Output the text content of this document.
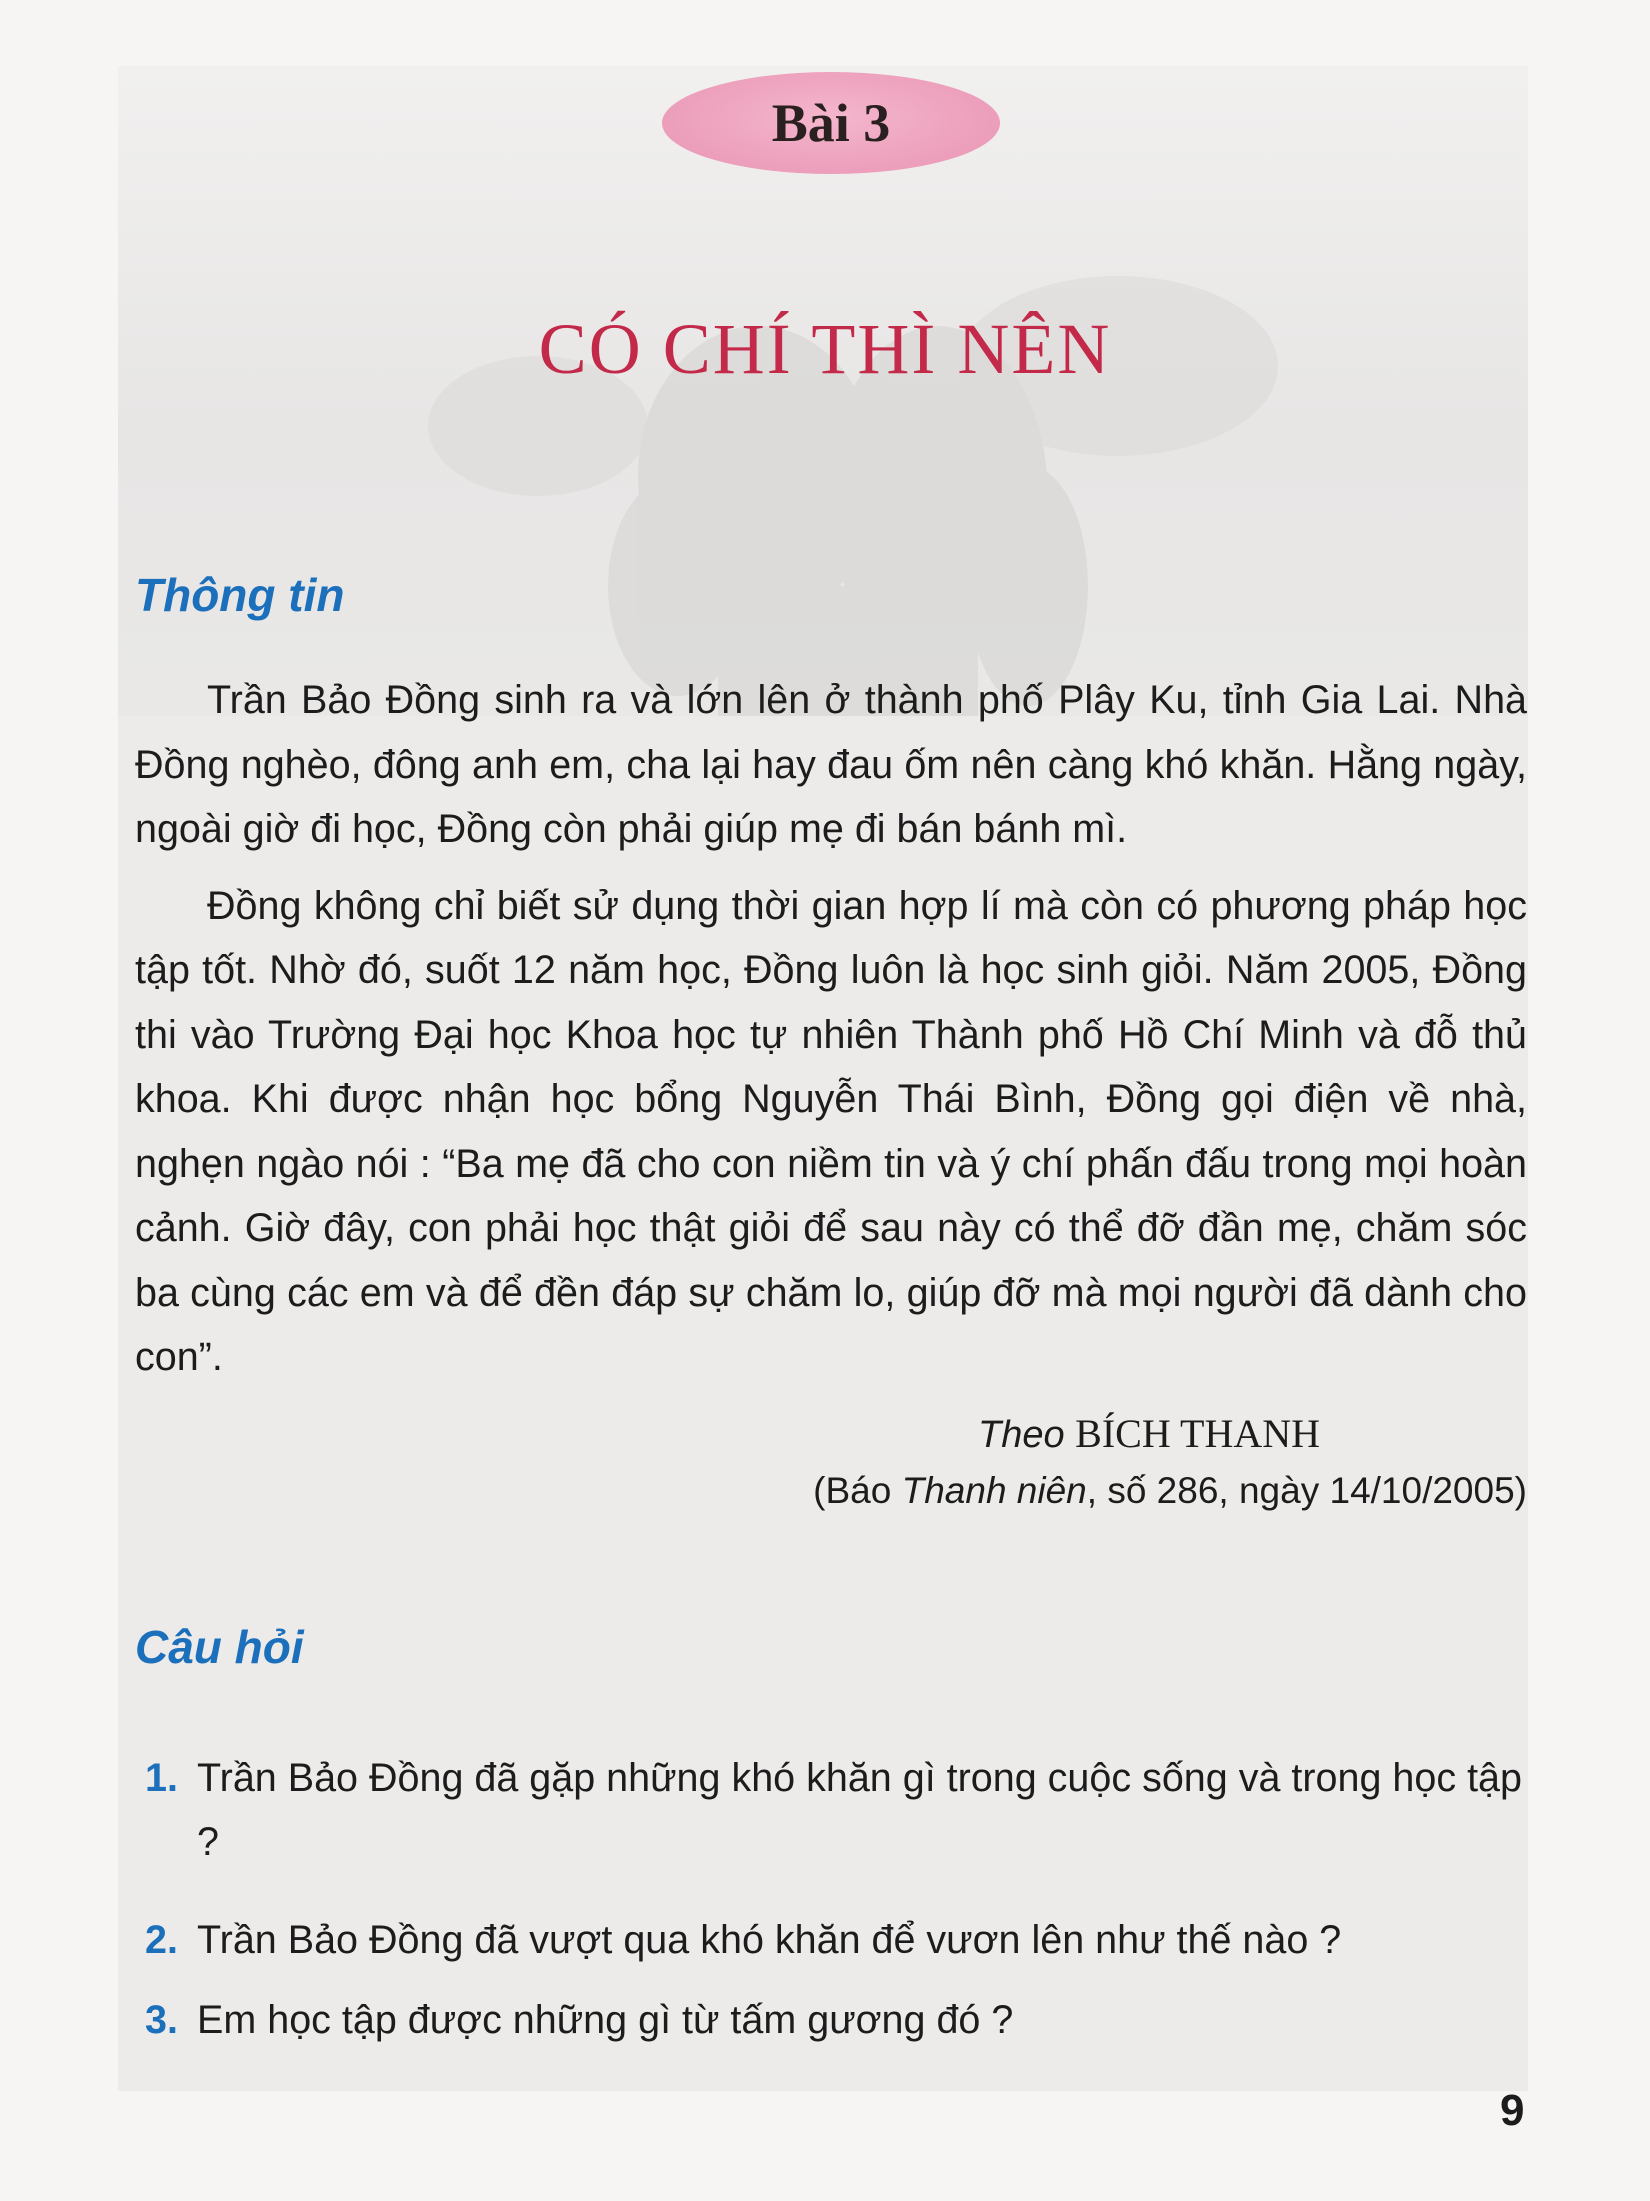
Bài 3
CÓ CHÍ THÌ NÊN
Thông tin

Trần Bảo Đồng sinh ra và lớn lên ở thành phố Plây Ku, tỉnh Gia Lai. Nhà Đồng nghèo, đông anh em, cha lại hay đau ốm nên càng khó khăn. Hằng ngày, ngoài giờ đi học, Đồng còn phải giúp mẹ đi bán bánh mì.

Đồng không chỉ biết sử dụng thời gian hợp lí mà còn có phương pháp học tập tốt. Nhờ đó, suốt 12 năm học, Đồng luôn là học sinh giỏi. Năm 2005, Đồng thi vào Trường Đại học Khoa học tự nhiên Thành phố Hồ Chí Minh và đỗ thủ khoa. Khi được nhận học bổng Nguyễn Thái Bình, Đồng gọi điện về nhà, nghẹn ngào nói : “Ba mẹ đã cho con niềm tin và ý chí phấn đấu trong mọi hoàn cảnh. Giờ đây, con phải học thật giỏi để sau này có thể đỡ đần mẹ, chăm sóc ba cùng các em và để đền đáp sự chăm lo, giúp đỡ mà mọi người đã dành cho con”.

Theo BÍCH THANH
(Báo Thanh niên, số 286, ngày 14/10/2005)
Câu hỏi
1. Trần Bảo Đồng đã gặp những khó khăn gì trong cuộc sống và trong học tập ?
2. Trần Bảo Đồng đã vượt qua khó khăn để vươn lên như thế nào ?
3. Em học tập được những gì từ tấm gương đó ?
9
